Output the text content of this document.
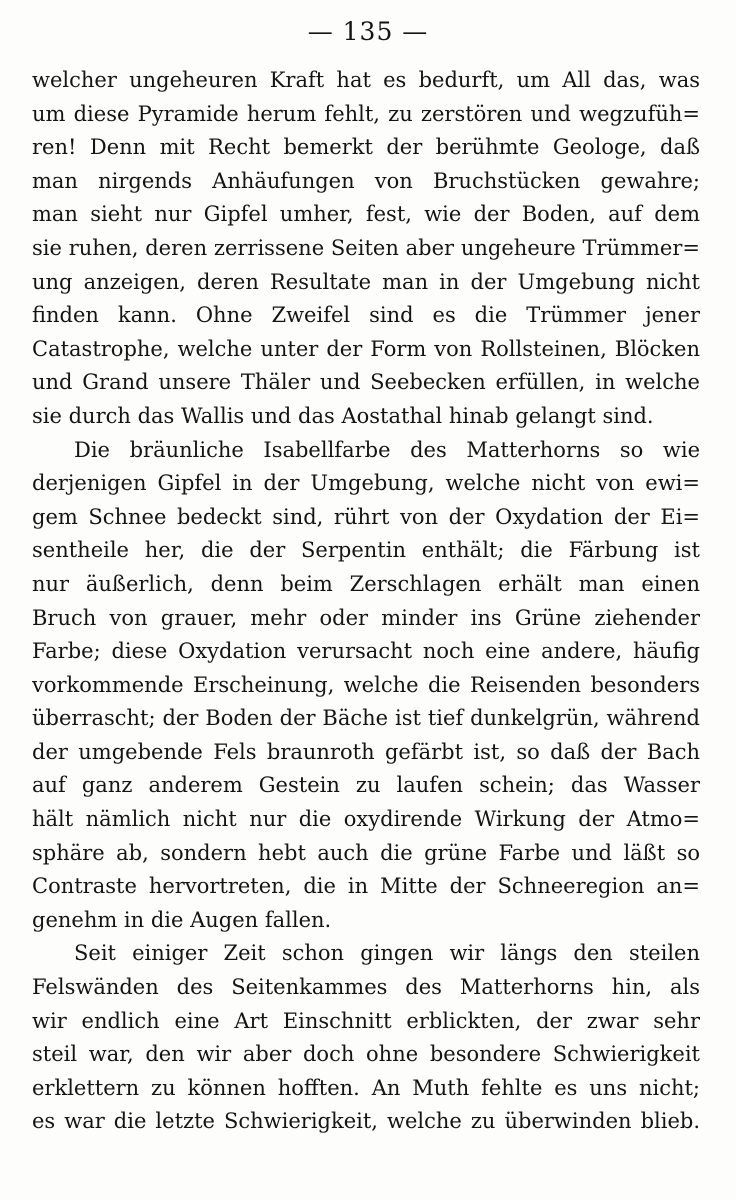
— 135 —
welcher ungeheuren Kraft hat es bedurft, um All das, was
um diese Pyramide herum fehlt, zu zerstören und wegzufüh=
ren! Denn mit Recht bemerkt der berühmte Geologe, daß
man nirgends Anhäufungen von Bruchstücken gewahre;
man sieht nur Gipfel umher, fest, wie der Boden, auf dem
sie ruhen, deren zerrissene Seiten aber ungeheure Trümmer=
ung anzeigen, deren Resultate man in der Umgebung nicht
finden kann. Ohne Zweifel sind es die Trümmer jener
Catastrophe, welche unter der Form von Rollsteinen, Blöcken
und Grand unsere Thäler und Seebecken erfüllen, in welche
sie durch das Wallis und das Aostathal hinab gelangt sind.
Die bräunliche Isabellfarbe des Matterhorns so wie
derjenigen Gipfel in der Umgebung, welche nicht von ewi=
gem Schnee bedeckt sind, rührt von der Oxydation der Ei=
sentheile her, die der Serpentin enthält; die Färbung ist
nur äußerlich, denn beim Zerschlagen erhält man einen
Bruch von grauer, mehr oder minder ins Grüne ziehender
Farbe; diese Oxydation verursacht noch eine andere, häufig
vorkommende Erscheinung, welche die Reisenden besonders
überrascht; der Boden der Bäche ist tief dunkelgrün, während
der umgebende Fels braunroth gefärbt ist, so daß der Bach
auf ganz anderem Gestein zu laufen schein; das Wasser
hält nämlich nicht nur die oxydirende Wirkung der Atmo=
sphäre ab, sondern hebt auch die grüne Farbe und läßt so
Contraste hervortreten, die in Mitte der Schneeregion an=
genehm in die Augen fallen.
Seit einiger Zeit schon gingen wir längs den steilen
Felswänden des Seitenkammes des Matterhorns hin, als
wir endlich eine Art Einschnitt erblickten, der zwar sehr
steil war, den wir aber doch ohne besondere Schwierigkeit
erklettern zu können hofften. An Muth fehlte es uns nicht;
es war die letzte Schwierigkeit, welche zu überwinden blieb.
